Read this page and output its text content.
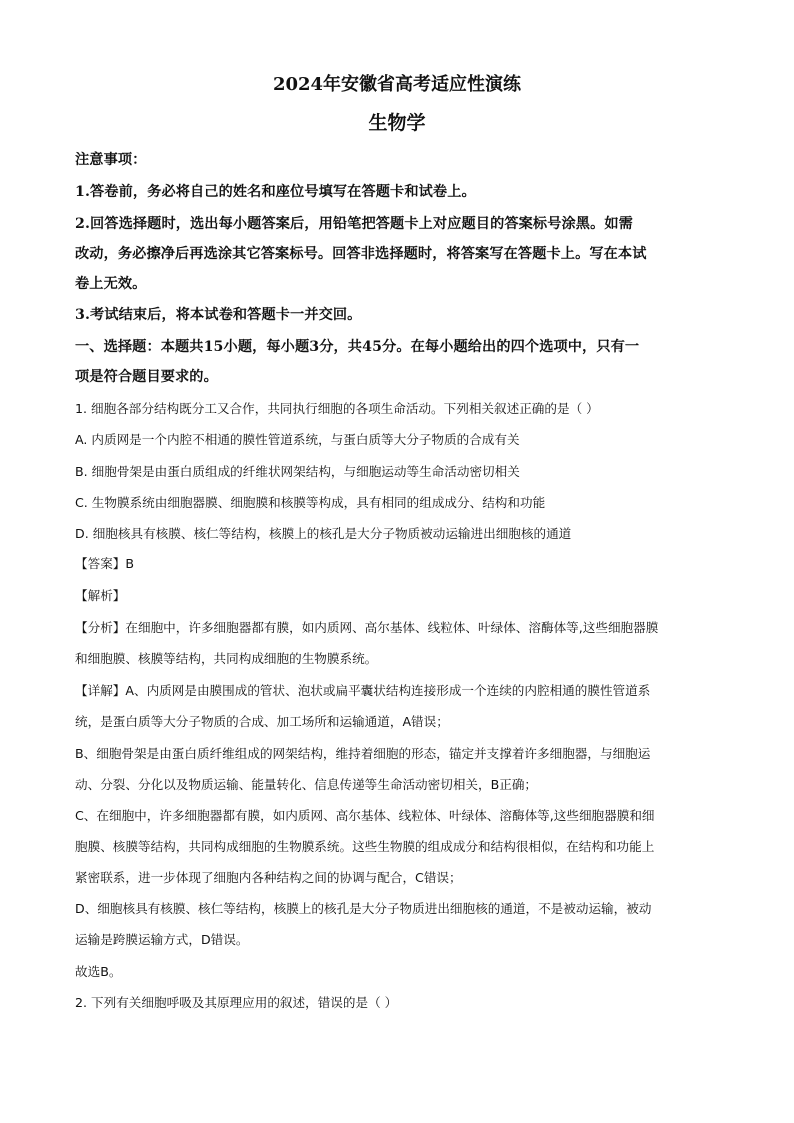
2024年安徽省高考适应性演练
生物学
注意事项：
1.答卷前，务必将自己的姓名和座位号填写在答题卡和试卷上。
2.回答选择题时，选出每小题答案后，用铅笔把答题卡上对应题目的答案标号涂黑。如需
改动，务必擦净后再选涂其它答案标号。回答非选择题时，将答案写在答题卡上。写在本试
卷上无效。
3.考试结束后，将本试卷和答题卡一并交回。
一、选择题：本题共15小题，每小题3分，共45分。在每小题给出的四个选项中，只有一
项是符合题目要求的。
1. 细胞各部分结构既分工又合作，共同执行细胞的各项生命活动。下列相关叙述正确的是（ ）
A. 内质网是一个内腔不相通的膜性管道系统，与蛋白质等大分子物质的合成有关
B. 细胞骨架是由蛋白质组成的纤维状网架结构，与细胞运动等生命活动密切相关
C. 生物膜系统由细胞器膜、细胞膜和核膜等构成，具有相同的组成成分、结构和功能
D. 细胞核具有核膜、核仁等结构，核膜上的核孔是大分子物质被动运输进出细胞核的通道
【答案】B
【解析】
【分析】在细胞中，许多细胞器都有膜，如内质网、高尔基体、线粒体、叶绿体、溶酶体等,这些细胞器膜
和细胞膜、核膜等结构，共同构成细胞的生物膜系统。
【详解】A、内质网是由膜围成的管状、泡状或扁平囊状结构连接形成一个连续的内腔相通的膜性管道系
统，是蛋白质等大分子物质的合成、加工场所和运输通道，A错误；
B、细胞骨架是由蛋白质纤维组成的网架结构，维持着细胞的形态，锚定并支撑着许多细胞器，与细胞运
动、分裂、分化以及物质运输、能量转化、信息传递等生命活动密切相关，B正确；
C、在细胞中，许多细胞器都有膜，如内质网、高尔基体、线粒体、叶绿体、溶酶体等,这些细胞器膜和细
胞膜、核膜等结构，共同构成细胞的生物膜系统。这些生物膜的组成成分和结构很相似，在结构和功能上
紧密联系，进一步体现了细胞内各种结构之间的协调与配合，C错误；
D、细胞核具有核膜、核仁等结构，核膜上的核孔是大分子物质进出细胞核的通道，不是被动运输，被动
运输是跨膜运输方式，D错误。
故选B。
2. 下列有关细胞呼吸及其原理应用的叙述，错误的是（ ）
